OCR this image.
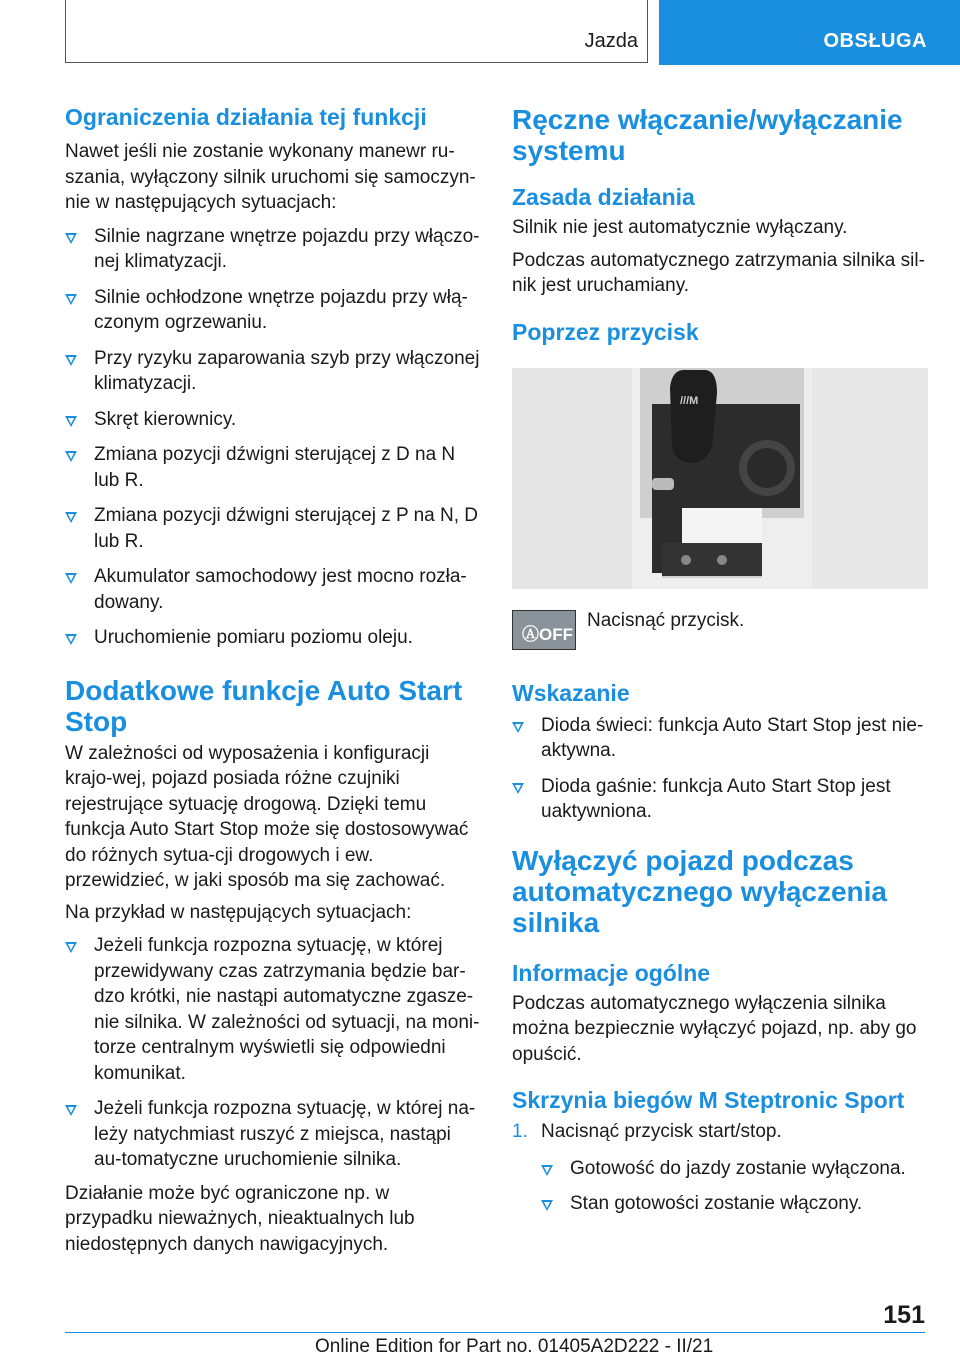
Jazda	OBSŁUGA
Ograniczenia działania tej funkcji

Nawet jeśli nie zostanie wykonany manewr ru-szania, wyłączony silnik uruchomi się samoczyn-nie w następujących sytuacjach:

Silnie nagrzane wnętrze pojazdu przy włączo-nej klimatyzacji.
Silnie ochłodzone wnętrze pojazdu przy włą-czonym ogrzewaniu.
Przy ryzyku zaparowania szyb przy włączonej klimatyzacji.
Skręt kierownicy.
Zmiana pozycji dźwigni sterującej z D na N lub R.
Zmiana pozycji dźwigni sterującej z P na N, D lub R.
Akumulator samochodowy jest mocno rozła-dowany.
Uruchomienie pomiaru poziomu oleju.
Dodatkowe funkcje Auto Start Stop

W zależności od wyposażenia i konfiguracji krajo-wej, pojazd posiada różne czujniki rejestrujące sytuację drogową. Dzięki temu funkcja Auto Start Stop może się dostosowywać do różnych sytua-cji drogowych i ew. przewidzieć, w jaki sposób ma się zachować.

Na przykład w następujących sytuacjach:

Jeżeli funkcja rozpozna sytuację, w której przewidywany czas zatrzymania będzie bar-dzo krótki, nie nastąpi automatyczne zgasze-nie silnika. W zależności od sytuacji, na moni-torze centralnym wyświetli się odpowiedni komunikat.
Jeżeli funkcja rozpozna sytuację, w której na-leży natychmiast ruszyć z miejsca, nastąpi au-tomatyczne uruchomienie silnika.

Działanie może być ograniczone np. w przypadku nieważnych, nieaktualnych lub niedostępnych danych nawigacyjnych.

Ręczne włączanie/wyłączanie systemu
Zasada działania

Silnik nie jest automatycznie wyłączany.

Podczas automatycznego zatrzymania silnika sil-nik jest uruchamiany.

Poprzez przycisk
///M
ⒶOFF

Nacisnąć przycisk.

Wskazanie
Dioda świeci: funkcja Auto Start Stop jest nie-aktywna.
Dioda gaśnie: funkcja Auto Start Stop jest uaktywniona.
Wyłączyć pojazd podczas automatycznego wyłączenia silnika
Informacje ogólne

Podczas automatycznego wyłączenia silnika można bezpiecznie wyłączyć pojazd, np. aby go opuścić.

Skrzynia biegów M Steptronic Sport
1. Nacisnąć przycisk start/stop.

Gotowość do jazdy zostanie wyłączona.
Stan gotowości zostanie włączony.
151
Online Edition for Part no. 01405A2D222 - II/21
